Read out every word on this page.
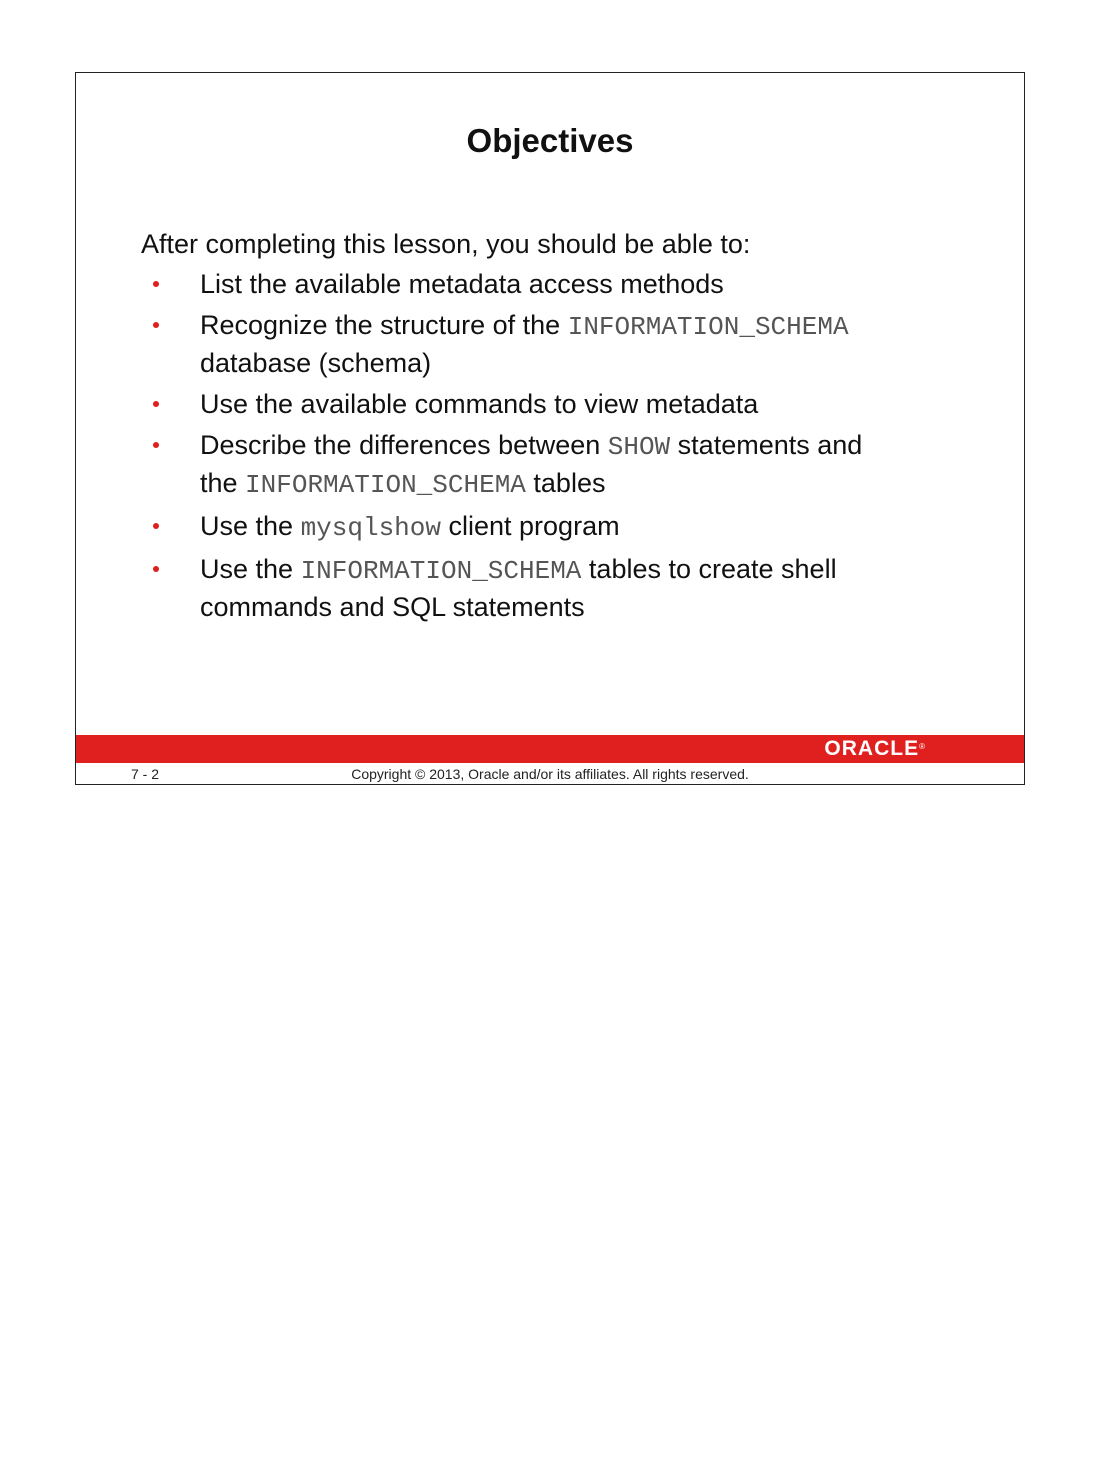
Objectives
After completing this lesson, you should be able to:
List the available metadata access methods
Recognize the structure of the INFORMATION_SCHEMA
database (schema)
Use the available commands to view metadata
Describe the differences between SHOW statements and
the INFORMATION_SCHEMA tables
Use the mysqlshow client program
Use the INFORMATION_SCHEMA tables to create shell
commands and SQL statements
ORACLE®
7 - 2	Copyright © 2013, Oracle and/or its affiliates. All rights reserved.
